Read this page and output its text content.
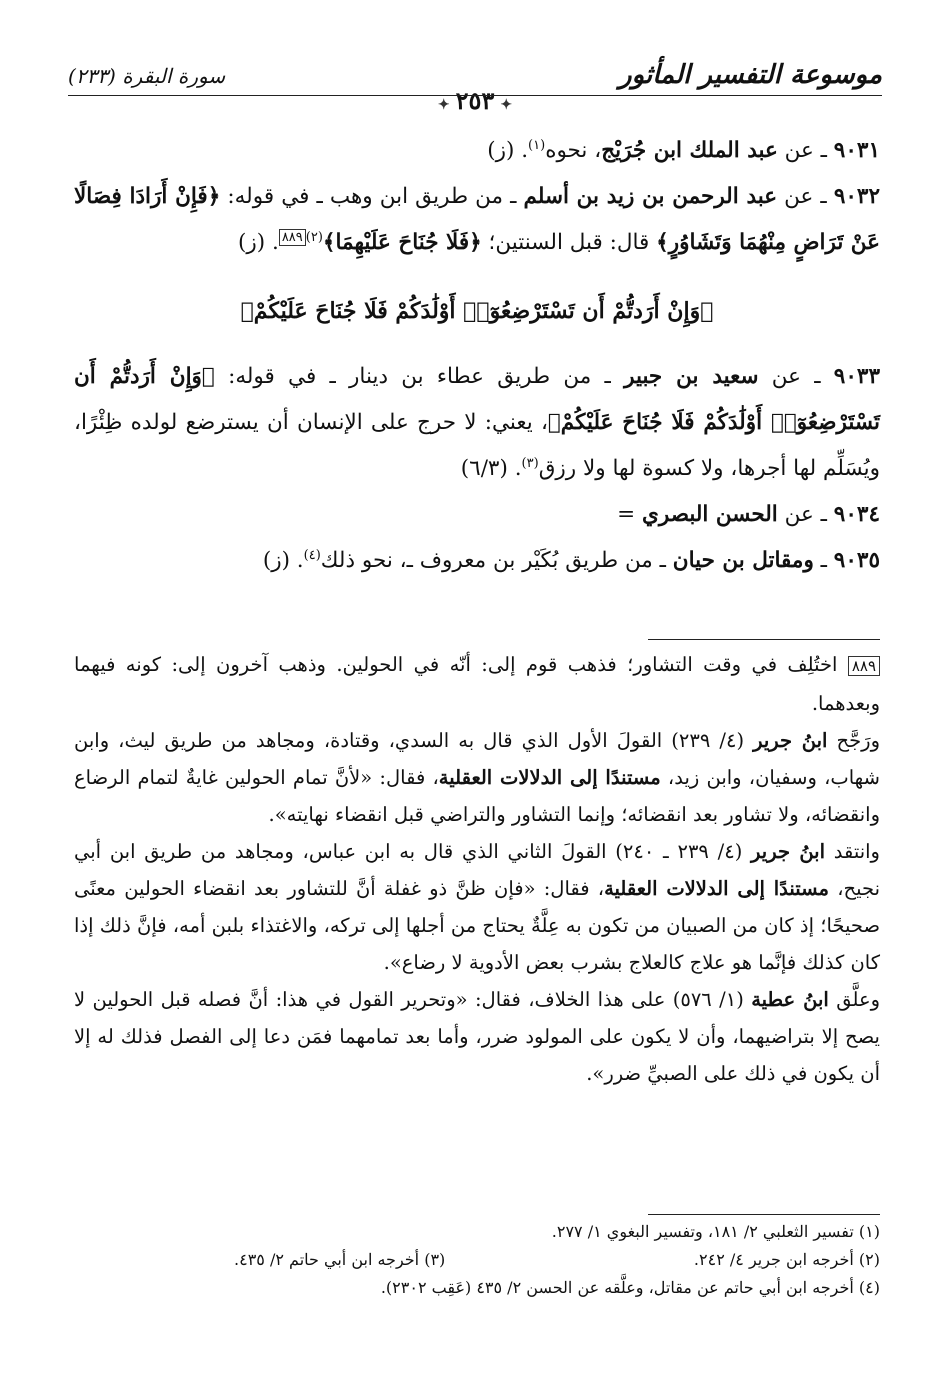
موسوعة التفسير المأثور
✦٢٥٣✦
سورة البقرة (٢٣٣)

٩٠٣١ ـ عن عبد الملك ابن جُرَيْج، نحوه$^{(١)}$. (ز)

٩٠٣٢ ـ عن عبد الرحمن بن زيد بن أسلم ـ من طريق ابن وهب ـ في قوله: ﴿فَإِنْ أَرَادَا فِصَالًا عَنْ تَرَاضٍ مِنْهُمَا وَتَشَاوُرٍ﴾ قال: قبل السنتين؛ ﴿فَلَا جُنَاحَ عَلَيْهِمَا﴾$^{(٢)٨٨٩}$. (ز)

﴿وَإِنْ أَرَدتُّمْ أَن تَسْتَرْضِعُوٓا۟ أَوْلَٰدَكُمْ فَلَا جُنَاحَ عَلَيْكُمْ﴾

٩٠٣٣ ـ عن سعيد بن جبير ـ من طريق عطاء بن دينار ـ في قوله: ﴿وَإِنْ أَرَدتُّمْ أَن تَسْتَرْضِعُوٓا۟ أَوْلَٰدَكُمْ فَلَا جُنَاحَ عَلَيْكُمْ﴾، يعني: لا حرج على الإنسان أن يسترضع لولده ظِئْرًا، ويُسَلِّم لها أجرها، ولا كسوة لها ولا رزق$^{(٣)}$. (٦/٣)

٩٠٣٤ ـ عن الحسن البصري =

٩٠٣٥ ـ ومقاتل بن حيان ـ من طريق بُكَيْر بن معروف ـ، نحو ذلك$^{(٤)}$. (ز)

٨٨٩ اختُلِف في وقت التشاور؛ فذهب قوم إلى: أنّه في الحولين. وذهب آخرون إلى: كونه فيهما وبعدهما.

ورَجَّح ابنُ جرير (٤/ ٢٣٩) القولَ الأول الذي قال به السدي، وقتادة، ومجاهد من طريق ليث، وابن شهاب، وسفيان، وابن زيد، مستندًا إلى الدلالات العقلية، فقال: «لأنَّ تمام الحولين غايةٌ لتمام الرضاع وانقضائه، ولا تشاور بعد انقضائه؛ وإنما التشاور والتراضي قبل انقضاء نهايته».

وانتقد ابنُ جرير (٤/ ٢٣٩ ـ ٢٤٠) القولَ الثاني الذي قال به ابن عباس، ومجاهد من طريق ابن أبي نجيح، مستندًا إلى الدلالات العقلية، فقال: «فإن ظنَّ ذو غفلة أنَّ للتشاور بعد انقضاء الحولين معنًى صحيحًا؛ إذ كان من الصبيان من تكون به عِلَّةٌ يحتاج من أجلها إلى تركه، والاغتذاء بلبن أمه، فإنَّ ذلك إذا كان كذلك فإنَّما هو علاج كالعلاج بشرب بعض الأدوية لا رضاع».

وعلَّق ابنُ عطية (١/ ٥٧٦) على هذا الخلاف، فقال: «وتحرير القول في هذا: أنَّ فصله قبل الحولين لا يصح إلا بتراضيهما، وأن لا يكون على المولود ضرر، وأما بعد تمامهما فمَن دعا إلى الفصل فذلك له إلا أن يكون في ذلك على الصبيِّ ضرر».

(١) تفسير الثعلبي ٢/ ١٨١، وتفسير البغوي ١/ ٢٧٧.

(٢) أخرجه ابن جرير ٤/ ٢٤٢.
(٣) أخرجه ابن أبي حاتم ٢/ ٤٣٥.

(٤) أخرجه ابن أبي حاتم عن مقاتل، وعلَّقه عن الحسن ٢/ ٤٣٥ (عَقِب ٢٣٠٢).
